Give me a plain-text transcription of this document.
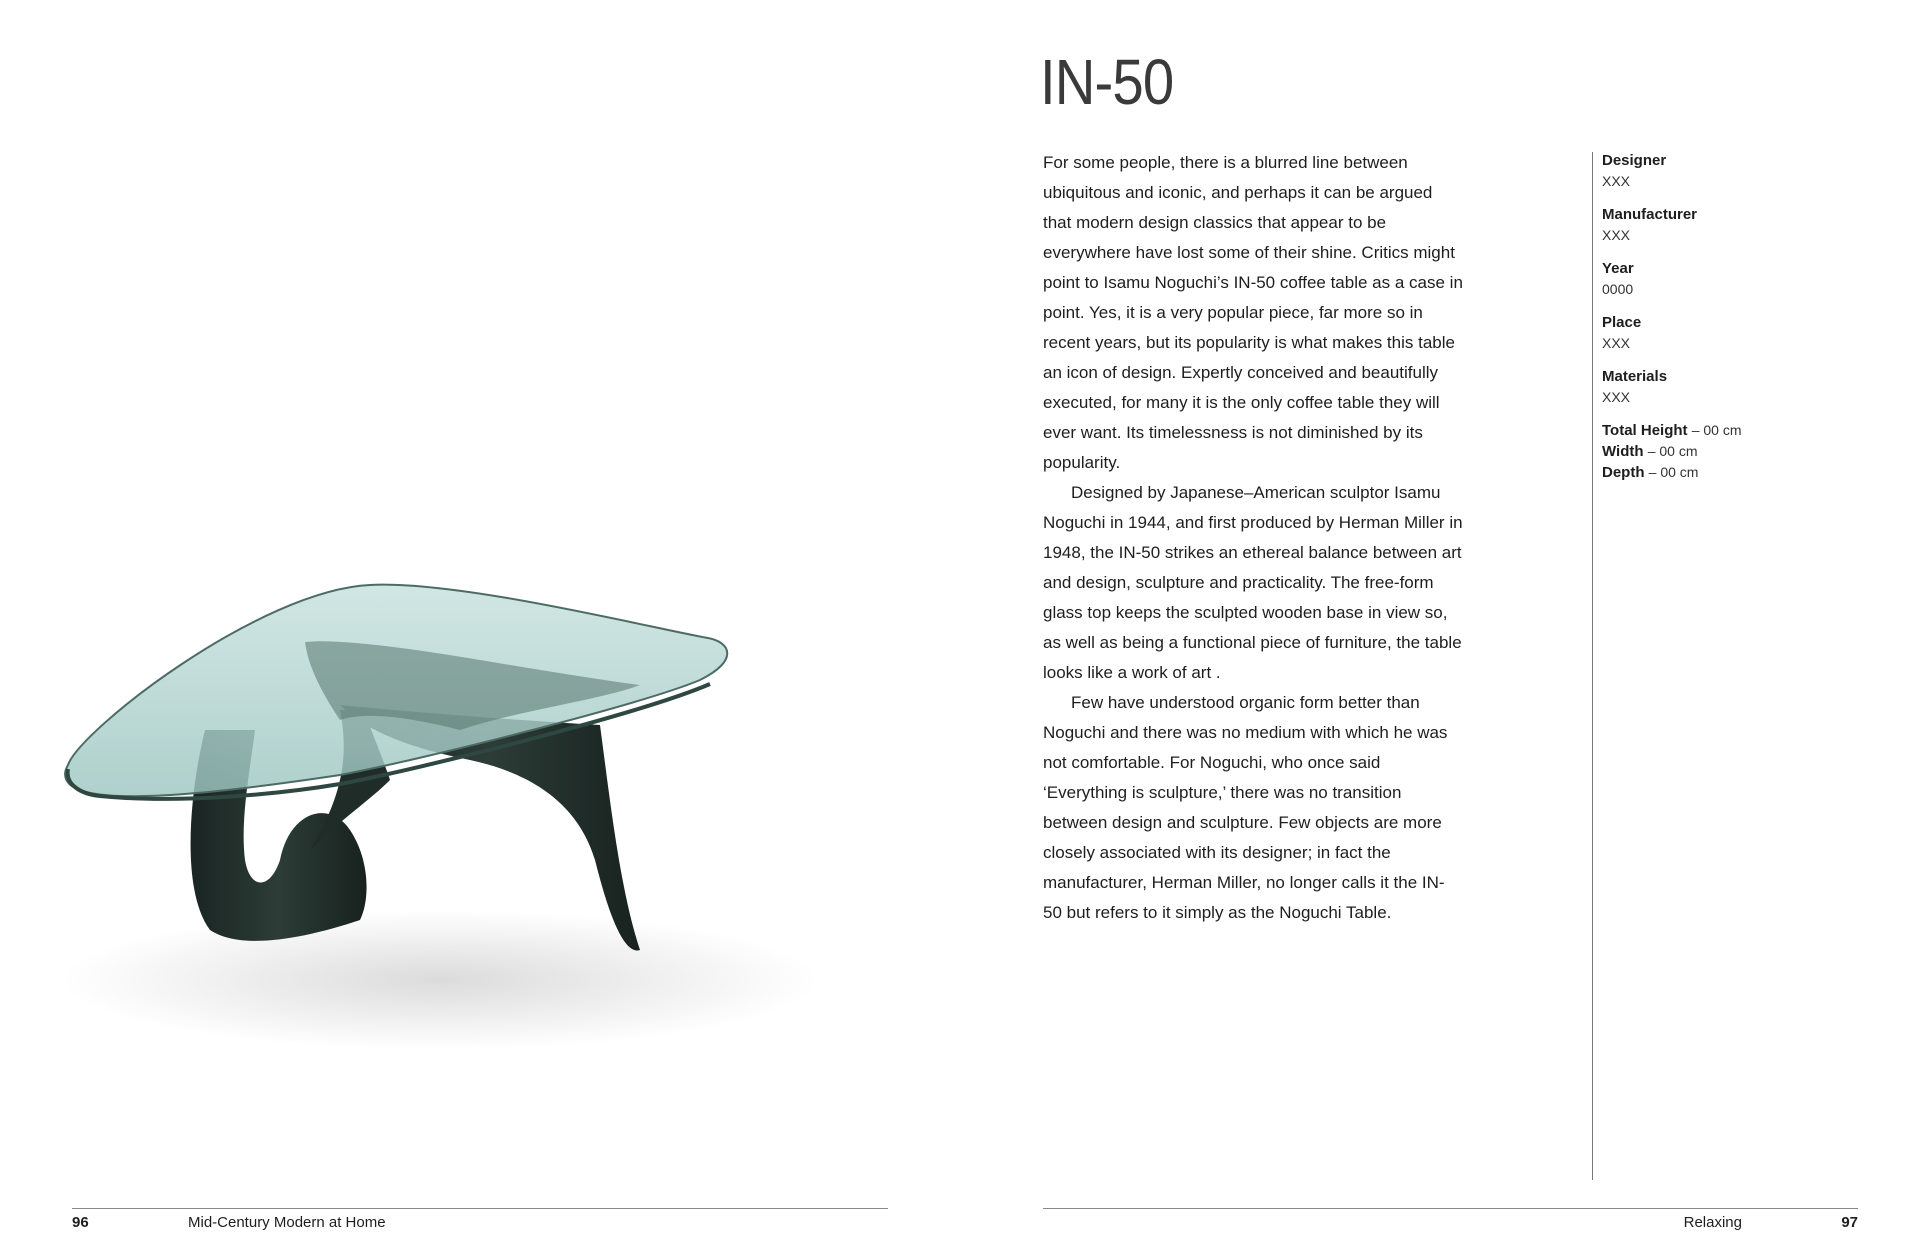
IN-50

For some people, there is a blurred line between ubiquitous and iconic, and perhaps it can be argued that modern design classics that appear to be everywhere have lost some of their shine. Critics might point to Isamu Noguchi’s IN-50 coffee table as a case in point. Yes, it is a very popular piece, far more so in recent years, but its popularity is what makes this table an icon of design. Expertly conceived and beautifully executed, for many it is the only coffee table they will ever want. Its timelessness is not diminished by its popularity.

Designed by Japanese–American sculptor Isamu Noguchi in 1944, and first produced by Herman Miller in 1948, the IN-50 strikes an ethereal balance between art and design, sculpture and practicality. The free-form glass top keeps the sculpted wooden base in view so, as well as being a functional piece of furniture, the table looks like a work of art .

Few have understood organic form better than Noguchi and there was no medium with which he was not comfortable. For Noguchi, who once said ‘Everything is sculpture,’ there was no transition between design and sculpture. Few objects are more closely associated with its designer; in fact the manufacturer, Herman Miller, no longer calls it the IN-50 but refers to it simply as the Noguchi Table.

Designer
XXX
Manufacturer
XXX
Year
0000
Place
XXX
Materials
XXX
Total Height – 00 cm
Width – 00 cm
Depth – 00 cm
96	Mid-Century Modern at Home	Relaxing	97
